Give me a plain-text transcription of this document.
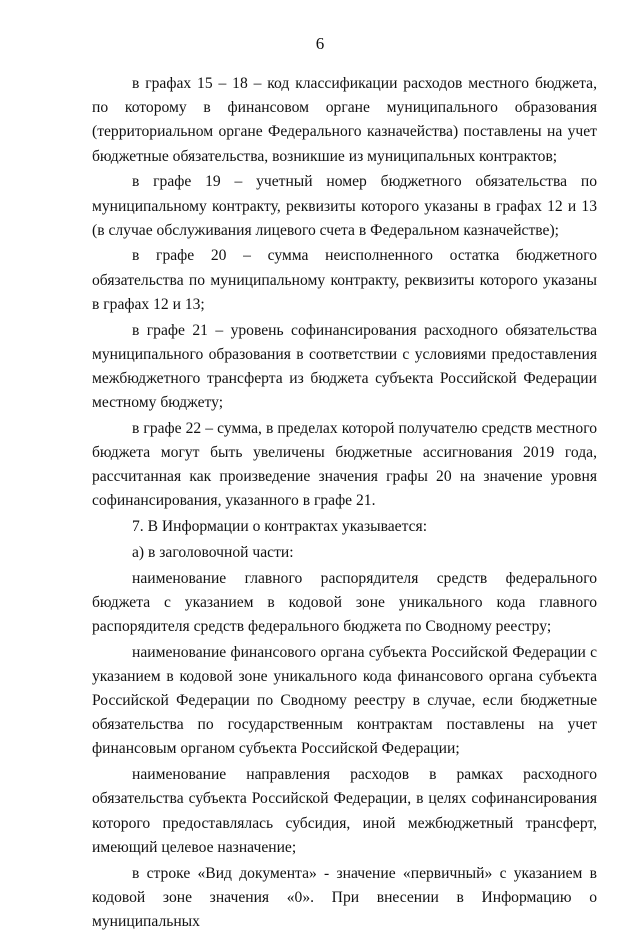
6

в графах 15 – 18 – код классификации расходов местного бюджета, по которому в финансовом органе муниципального образования (территориальном органе Федерального казначейства) поставлены на учет бюджетные обязательства, возникшие из муниципальных контрактов;

в графе 19 – учетный номер бюджетного обязательства по муниципальному контракту, реквизиты которого указаны в графах 12 и 13 (в случае обслуживания лицевого счета в Федеральном казначействе);

в графе 20 – сумма неисполненного остатка бюджетного обязательства по муниципальному контракту, реквизиты которого указаны в графах 12 и 13;

в графе 21 – уровень софинансирования расходного обязательства муниципального образования в соответствии с условиями предоставления межбюджетного трансферта из бюджета субъекта Российской Федерации местному бюджету;

в графе 22 – сумма, в пределах которой получателю средств местного бюджета могут быть увеличены бюджетные ассигнования 2019 года, рассчитанная как произведение значения графы 20 на значение уровня софинансирования, указанного в графе 21.

7. В Информации о контрактах указывается:

а) в заголовочной части:

наименование главного распорядителя средств федерального бюджета с указанием в кодовой зоне уникального кода главного распорядителя средств федерального бюджета по Сводному реестру;

наименование финансового органа субъекта Российской Федерации с указанием в кодовой зоне уникального кода финансового органа субъекта Российской Федерации по Сводному реестру в случае, если бюджетные обязательства по государственным контрактам поставлены на учет финансовым органом субъекта Российской Федерации;

наименование направления расходов в рамках расходного обязательства субъекта Российской Федерации, в целях софинансирования которого предоставлялась субсидия, иной межбюджетный трансферт, имеющий целевое назначение;

в строке «Вид документа» - значение «первичный» с указанием в кодовой зоне значения «0». При внесении в Информацию о муниципальных
